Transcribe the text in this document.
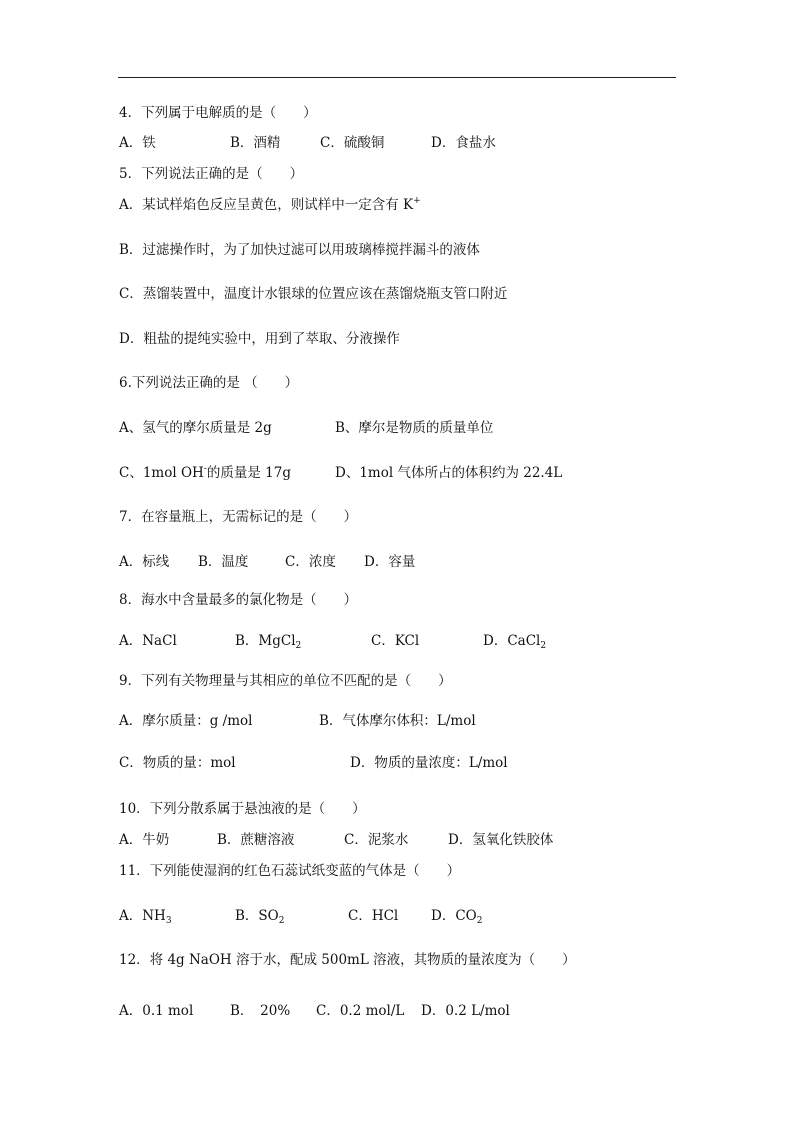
4．下列属于电解质的是（　　）
A．铁	B．酒精	C．硫酸铜	D．食盐水
5．下列说法正确的是（　　）
A．某试样焰色反应呈黄色，则试样中一定含有 K+
B．过滤操作时，为了加快过滤可以用玻璃棒搅拌漏斗的液体
C．蒸馏装置中，温度计水银球的位置应该在蒸馏烧瓶支管口附近
D．粗盐的提纯实验中，用到了萃取、分液操作
6.下列说法正确的是 （　　）
A、氢气的摩尔质量是 2g	B、摩尔是物质的质量单位
C、1mol OH-的质量是 17g	D、1mol 气体所占的体积约为 22.4L
7．在容量瓶上，无需标记的是（　　）
A．标线 B．温度	C．浓度 D．容量
8．海水中含量最多的氯化物是（　　）
A．NaCl	B．MgCl$_2$	C．KCl	D．CaCl$_2$
9．下列有关物理量与其相应的单位不匹配的是（　　）
A．摩尔质量：g /mol	B．气体摩尔体积：L/mol
C．物质的量：mol	D．物质的量浓度：L/mol
10．下列分散系属于悬浊液的是（　　）
A．牛奶	B．蔗糖溶液	C．泥浆水	D．氢氧化铁胶体
11．下列能使湿润的红色石蕊试纸变蓝的气体是（　　）
A．$NH_3$	B．$SO_2$	C．HCl D．$CO_2$
12．将 4g NaOH 溶于水，配成 500mL 溶液，其物质的量浓度为（　　）
A．0.1 mol	B．　20% C．0.2 mol/L D．0.2 L/mol
